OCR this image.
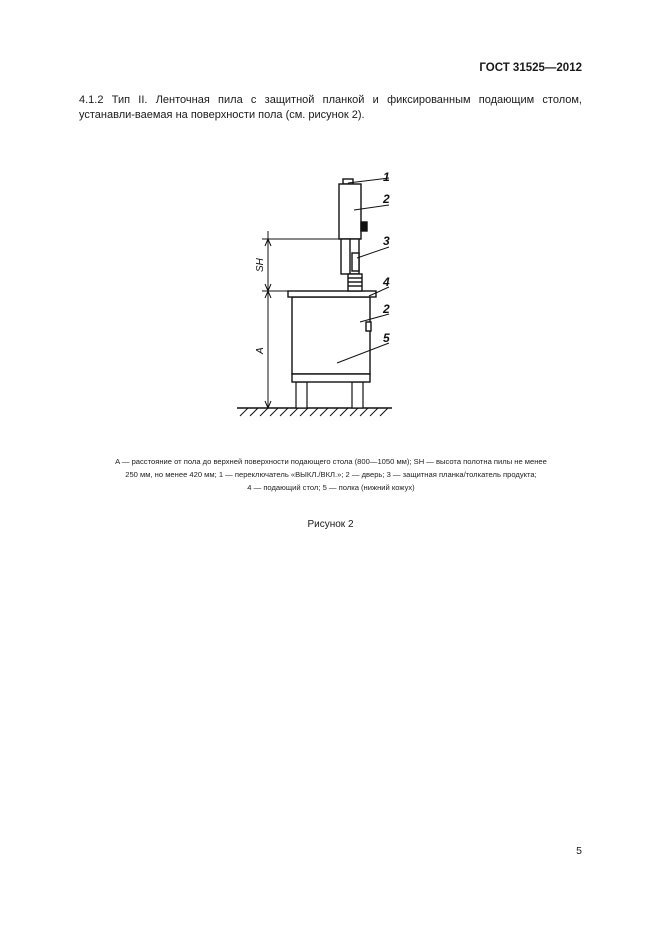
ГОСТ 31525—2012
4.1.2 Тип II. Ленточная пила с защитной планкой и фиксированным подающим столом, устанавли-ваемая на поверхности пола (см. рисунок 2).
SH
A
1
2
3
4
2
5
A — расстояние от пола до верхней поверхности подающего стола (800—1050 мм); SH — высота полотна пилы не менее
250 мм, но менее 420 мм; 1 — переключатель «ВЫКЛ./ВКЛ.»; 2 — дверь; 3 — защитная планка/толкатель продукта;
4 — подающий стол; 5 — полка (нижний кожух)
Рисунок 2
5
